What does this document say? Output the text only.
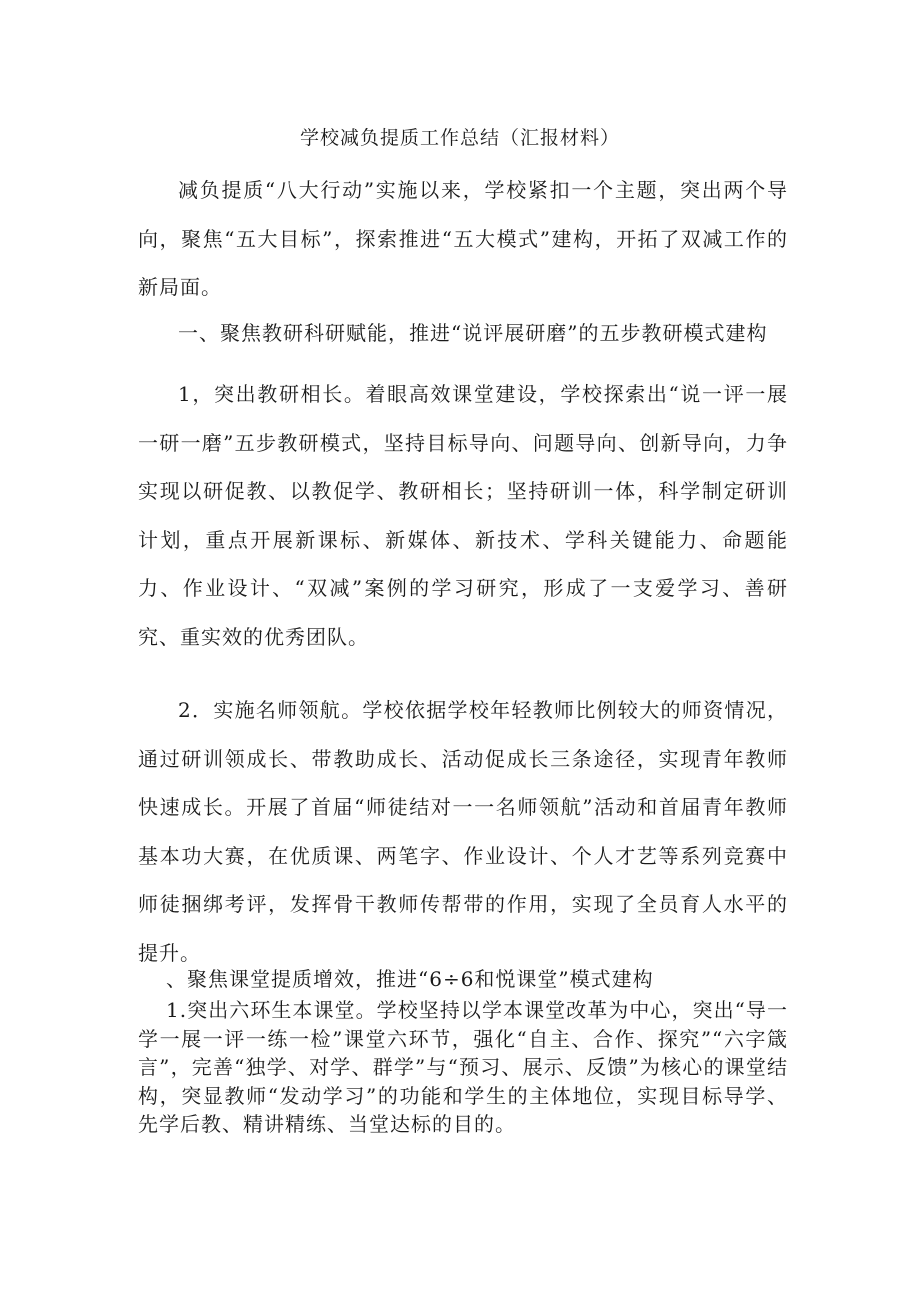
学校减负提质工作总结（汇报材料）

减负提质“八大行动”实施以来，学校紧扣一个主题，突出两个导向，聚焦“五大目标”，探索推进“五大模式”建构，开拓了双减工作的新局面。

一、聚焦教研科研赋能，推进“说评展研磨”的五步教研模式建构

1，突出教研相长。着眼高效课堂建设，学校探索出“说一评一展一研一磨”五步教研模式，坚持目标导向、问题导向、创新导向，力争实现以研促教、以教促学、教研相长；坚持研训一体，科学制定研训计划，重点开展新课标、新媒体、新技术、学科关键能力、命题能力、作业设计、“双减”案例的学习研究，形成了一支爱学习、善研究、重实效的优秀团队。

2．实施名师领航。学校依据学校年轻教师比例较大的师资情况，通过研训领成长、带教助成长、活动促成长三条途径，实现青年教师快速成长。开展了首届“师徒结对一一名师领航”活动和首届青年教师基本功大赛，在优质课、两笔字、作业设计、个人才艺等系列竞赛中师徒捆绑考评，发挥骨干教师传帮带的作用，实现了全员育人水平的提升。

、聚焦课堂提质增效，推进“6÷6和悦课堂”模式建构

1.突出六环生本课堂。学校坚持以学本课堂改革为中心，突出“导一学一展一评一练一检”课堂六环节，强化“自主、合作、探究”“六字箴言”，完善“独学、对学、群学”与“预习、展示、反馈”为核心的课堂结构，突显教师“发动学习”的功能和学生的主体地位，实现目标导学、先学后教、精讲精练、当堂达标的目的。
